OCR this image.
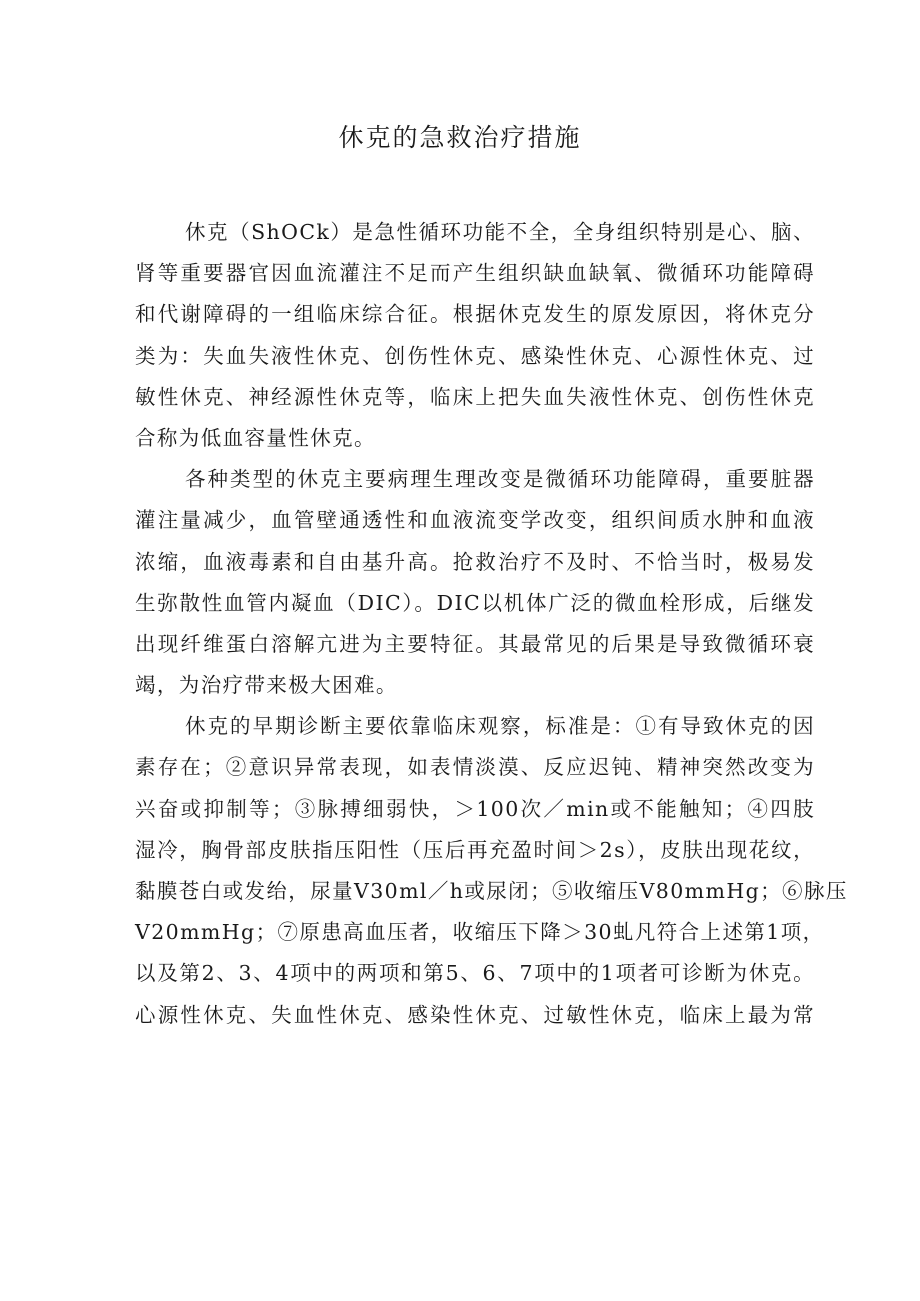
休克的急救治疗措施
休克（ShOCk）是急性循环功能不全，全身组织特别是心、脑、
肾等重要器官因血流灌注不足而产生组织缺血缺氧、微循环功能障碍
和代谢障碍的一组临床综合征。根据休克发生的原发原因，将休克分
类为：失血失液性休克、创伤性休克、感染性休克、心源性休克、过
敏性休克、神经源性休克等，临床上把失血失液性休克、创伤性休克
合称为低血容量性休克。
各种类型的休克主要病理生理改变是微循环功能障碍，重要脏器
灌注量减少，血管壁通透性和血液流变学改变，组织间质水肿和血液
浓缩，血液毒素和自由基升高。抢救治疗不及时、不恰当时，极易发
生弥散性血管内凝血（DIC）。DIC以机体广泛的微血栓形成，后继发
出现纤维蛋白溶解亢进为主要特征。其最常见的后果是导致微循环衰
竭，为治疗带来极大困难。
休克的早期诊断主要依靠临床观察，标准是：①有导致休克的因
素存在；②意识异常表现，如表情淡漠、反应迟钝、精神突然改变为
兴奋或抑制等；③脉搏细弱快，＞100次／min或不能触知；④四肢
湿冷，胸骨部皮肤指压阳性（压后再充盈时间＞2s），皮肤出现花纹，
黏膜苍白或发绐，尿量V30ml／h或尿闭；⑤收缩压V80mmHg；⑥脉压
V20mmHg；⑦原患高血压者，收缩压下降＞30虬凡符合上述第1项，
以及第2、3、4项中的两项和第5、6、7项中的1项者可诊断为休克。
心源性休克、失血性休克、感染性休克、过敏性休克，临床上最为常
